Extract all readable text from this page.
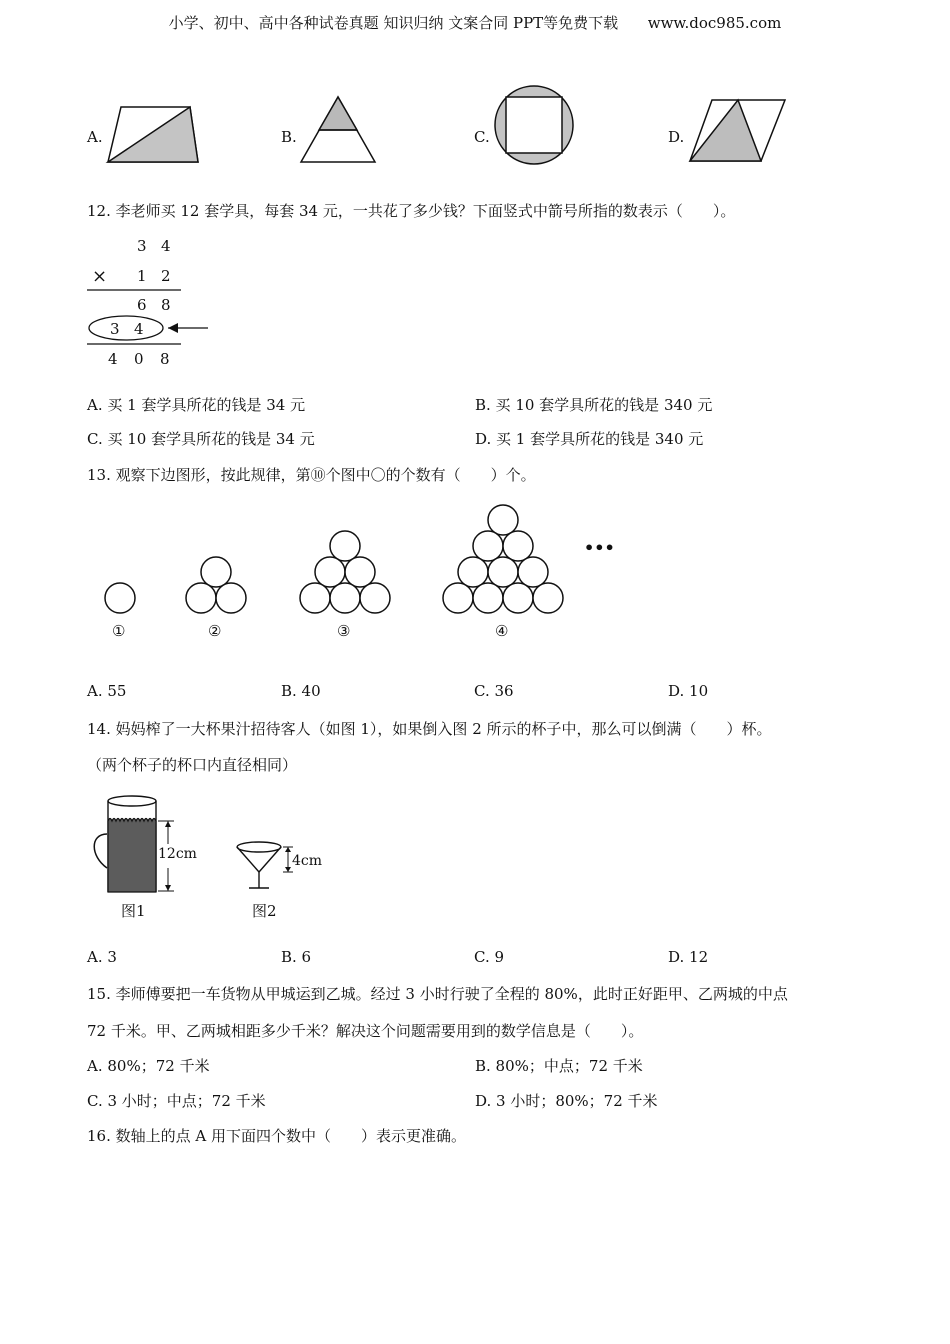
小学、初中、高中各种试卷真题 知识归纳 文案合同 PPT等免费下载 www.doc985.com
A.	B.	C.	D.
12. 李老师买 12 套学具，每套 34 元，一共花了多少钱？下面竖式中箭号所指的数表示（　　）。
3 4
× 1 2
6 8
3 4
4 0 8
A. 买 1 套学具所花的钱是 34 元	B. 买 10 套学具所花的钱是 340 元
C. 买 10 套学具所花的钱是 34 元	D. 买 1 套学具所花的钱是 340 元
13. 观察下边图形，按此规律，第⑩个图中〇的个数有（　　）个。
•••
①	②	③	④
A. 55	B. 40	C. 36	D. 10
14. 妈妈榨了一大杯果汁招待客人（如图 1），如果倒入图 2 所示的杯子中，那么可以倒满（　　）杯。
（两个杯子的杯口内直径相同）
12cm
图1
4cm
图2
A. 3	B. 6	C. 9	D. 12
15. 李师傅要把一车货物从甲城运到乙城。经过 3 小时行驶了全程的 80%，此时正好距甲、乙两城的中点
72 千米。甲、乙两城相距多少千米？解决这个问题需要用到的数学信息是（　　）。
A. 80%；72 千米	B. 80%；中点；72 千米
C. 3 小时；中点；72 千米	D. 3 小时；80%；72 千米
16. 数轴上的点 A 用下面四个数中（　　）表示更准确。
